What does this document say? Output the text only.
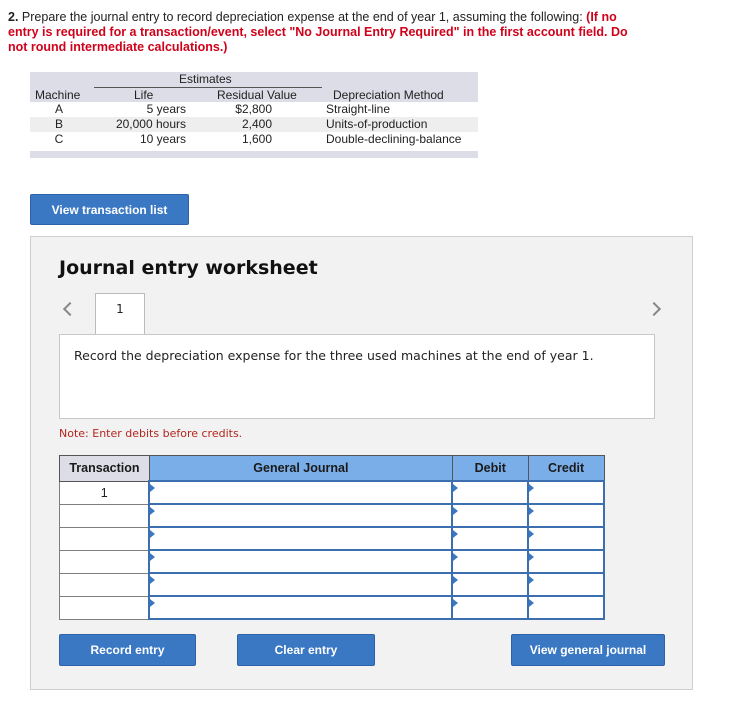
2. Prepare the journal entry to record depreciation expense at the end of year 1, assuming the following: (If no entry is required for a transaction/event, select "No Journal Entry Required" in the first account field. Do not round intermediate calculations.)
Estimates
Machine	Life	Residual Value	Depreciation Method
A	5 years	$2,800	Straight-line
B	20,000 hours	2,400	Units-of-production
C	10 years	1,600	Double-declining-balance
View transaction list
Journal entry worksheet
1
Record the depreciation expense for the three used machines at the end of year 1.
Note: Enter debits before credits.
Transaction	General Journal	Debit	Credit
1			

Record entry	Clear entry	View general journal
